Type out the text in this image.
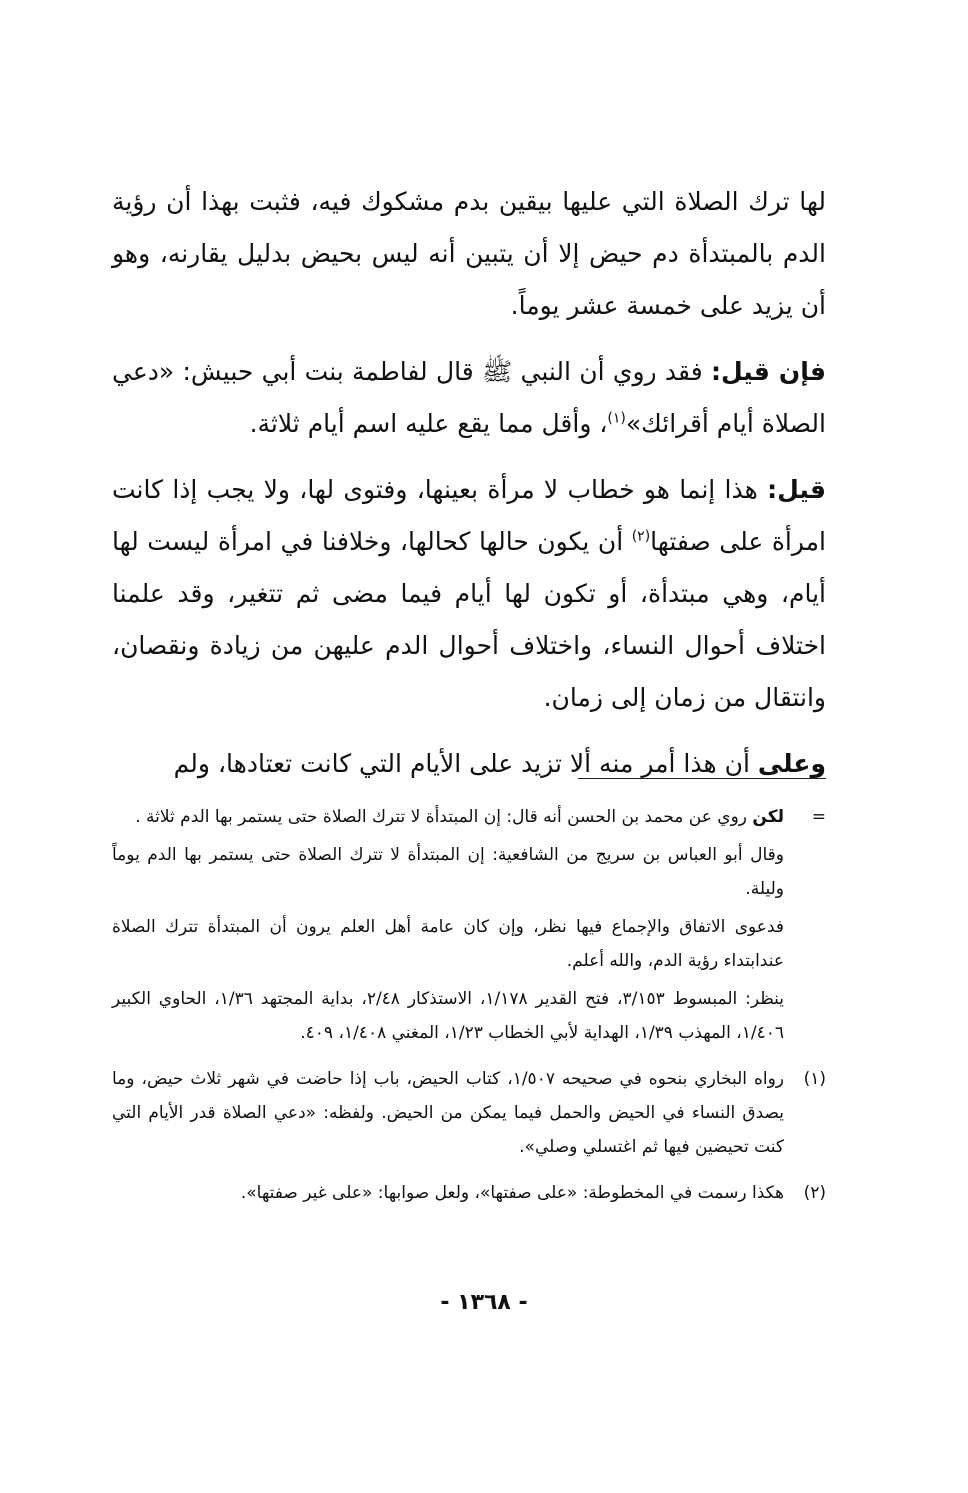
لها ترك الصلاة التي عليها بيقين بدم مشكوك فيه، فثبت بهذا أن رؤية الدم بالمبتدأة دم حيض إلا أن يتبين أنه ليس بحيض بدليل يقارنه، وهو أن يزيد على خمسة عشر يوماً.

فإن قيل: فقد روي أن النبي ﷺ قال لفاطمة بنت أبي حبيش: «دعي الصلاة أيام أقرائك»$^{(١)}$، وأقل مما يقع عليه اسم أيام ثلاثة.

قيل: هذا إنما هو خطاب لا مرأة بعينها، وفتوى لها، ولا يجب إذا كانت امرأة على صفتها$^{(٢)}$ أن يكون حالها كحالها، وخلافنا في امرأة ليست لها أيام، وهي مبتدأة، أو تكون لها أيام فيما مضى ثم تتغير، وقد علمنا اختلاف أحوال النساء، واختلاف أحوال الدم عليهن من زيادة ونقصان، وانتقال من زمان إلى زمان.

وعلى أن هذا أمر منه ألا تزيد على الأيام التي كانت تعتادها، ولم

=

لكن روي عن محمد بن الحسن أنه قال: إن المبتدأة لا تترك الصلاة حتى يستمر بها الدم ثلاثة .

وقال أبو العباس بن سريج من الشافعية: إن المبتدأة لا تترك الصلاة حتى يستمر بها الدم يوماً وليلة.

فدعوى الاتفاق والإجماع فيها نظر، وإن كان عامة أهل العلم يرون أن المبتدأة تترك الصلاة عندابتداء رؤية الدم، والله أعلم.

ينظر: المبسوط ٣/١٥٣، فتح القدير ١/١٧٨، الاستذكار ٢/٤٨، بداية المجتهد ١/٣٦، الحاوي الكبير ١/٤٠٦، المهذب ١/٣٩، الهداية لأبي الخطاب ١/٢٣، المغني ١/٤٠٨، ٤٠٩.

(١)

رواه البخاري بنحوه في صحيحه ١/٥٠٧، كتاب الحيض، باب إذا حاضت في شهر ثلاث حيض، وما يصدق النساء في الحيض والحمل فيما يمكن من الحيض. ولفظه: «دعي الصلاة قدر الأيام التي كنت تحيضين فيها ثم اغتسلي وصلي».

(٢)

هكذا رسمت في المخطوطة: «على صفتها»، ولعل صوابها: «على غير صفتها».

- ١٣٦٨ -
